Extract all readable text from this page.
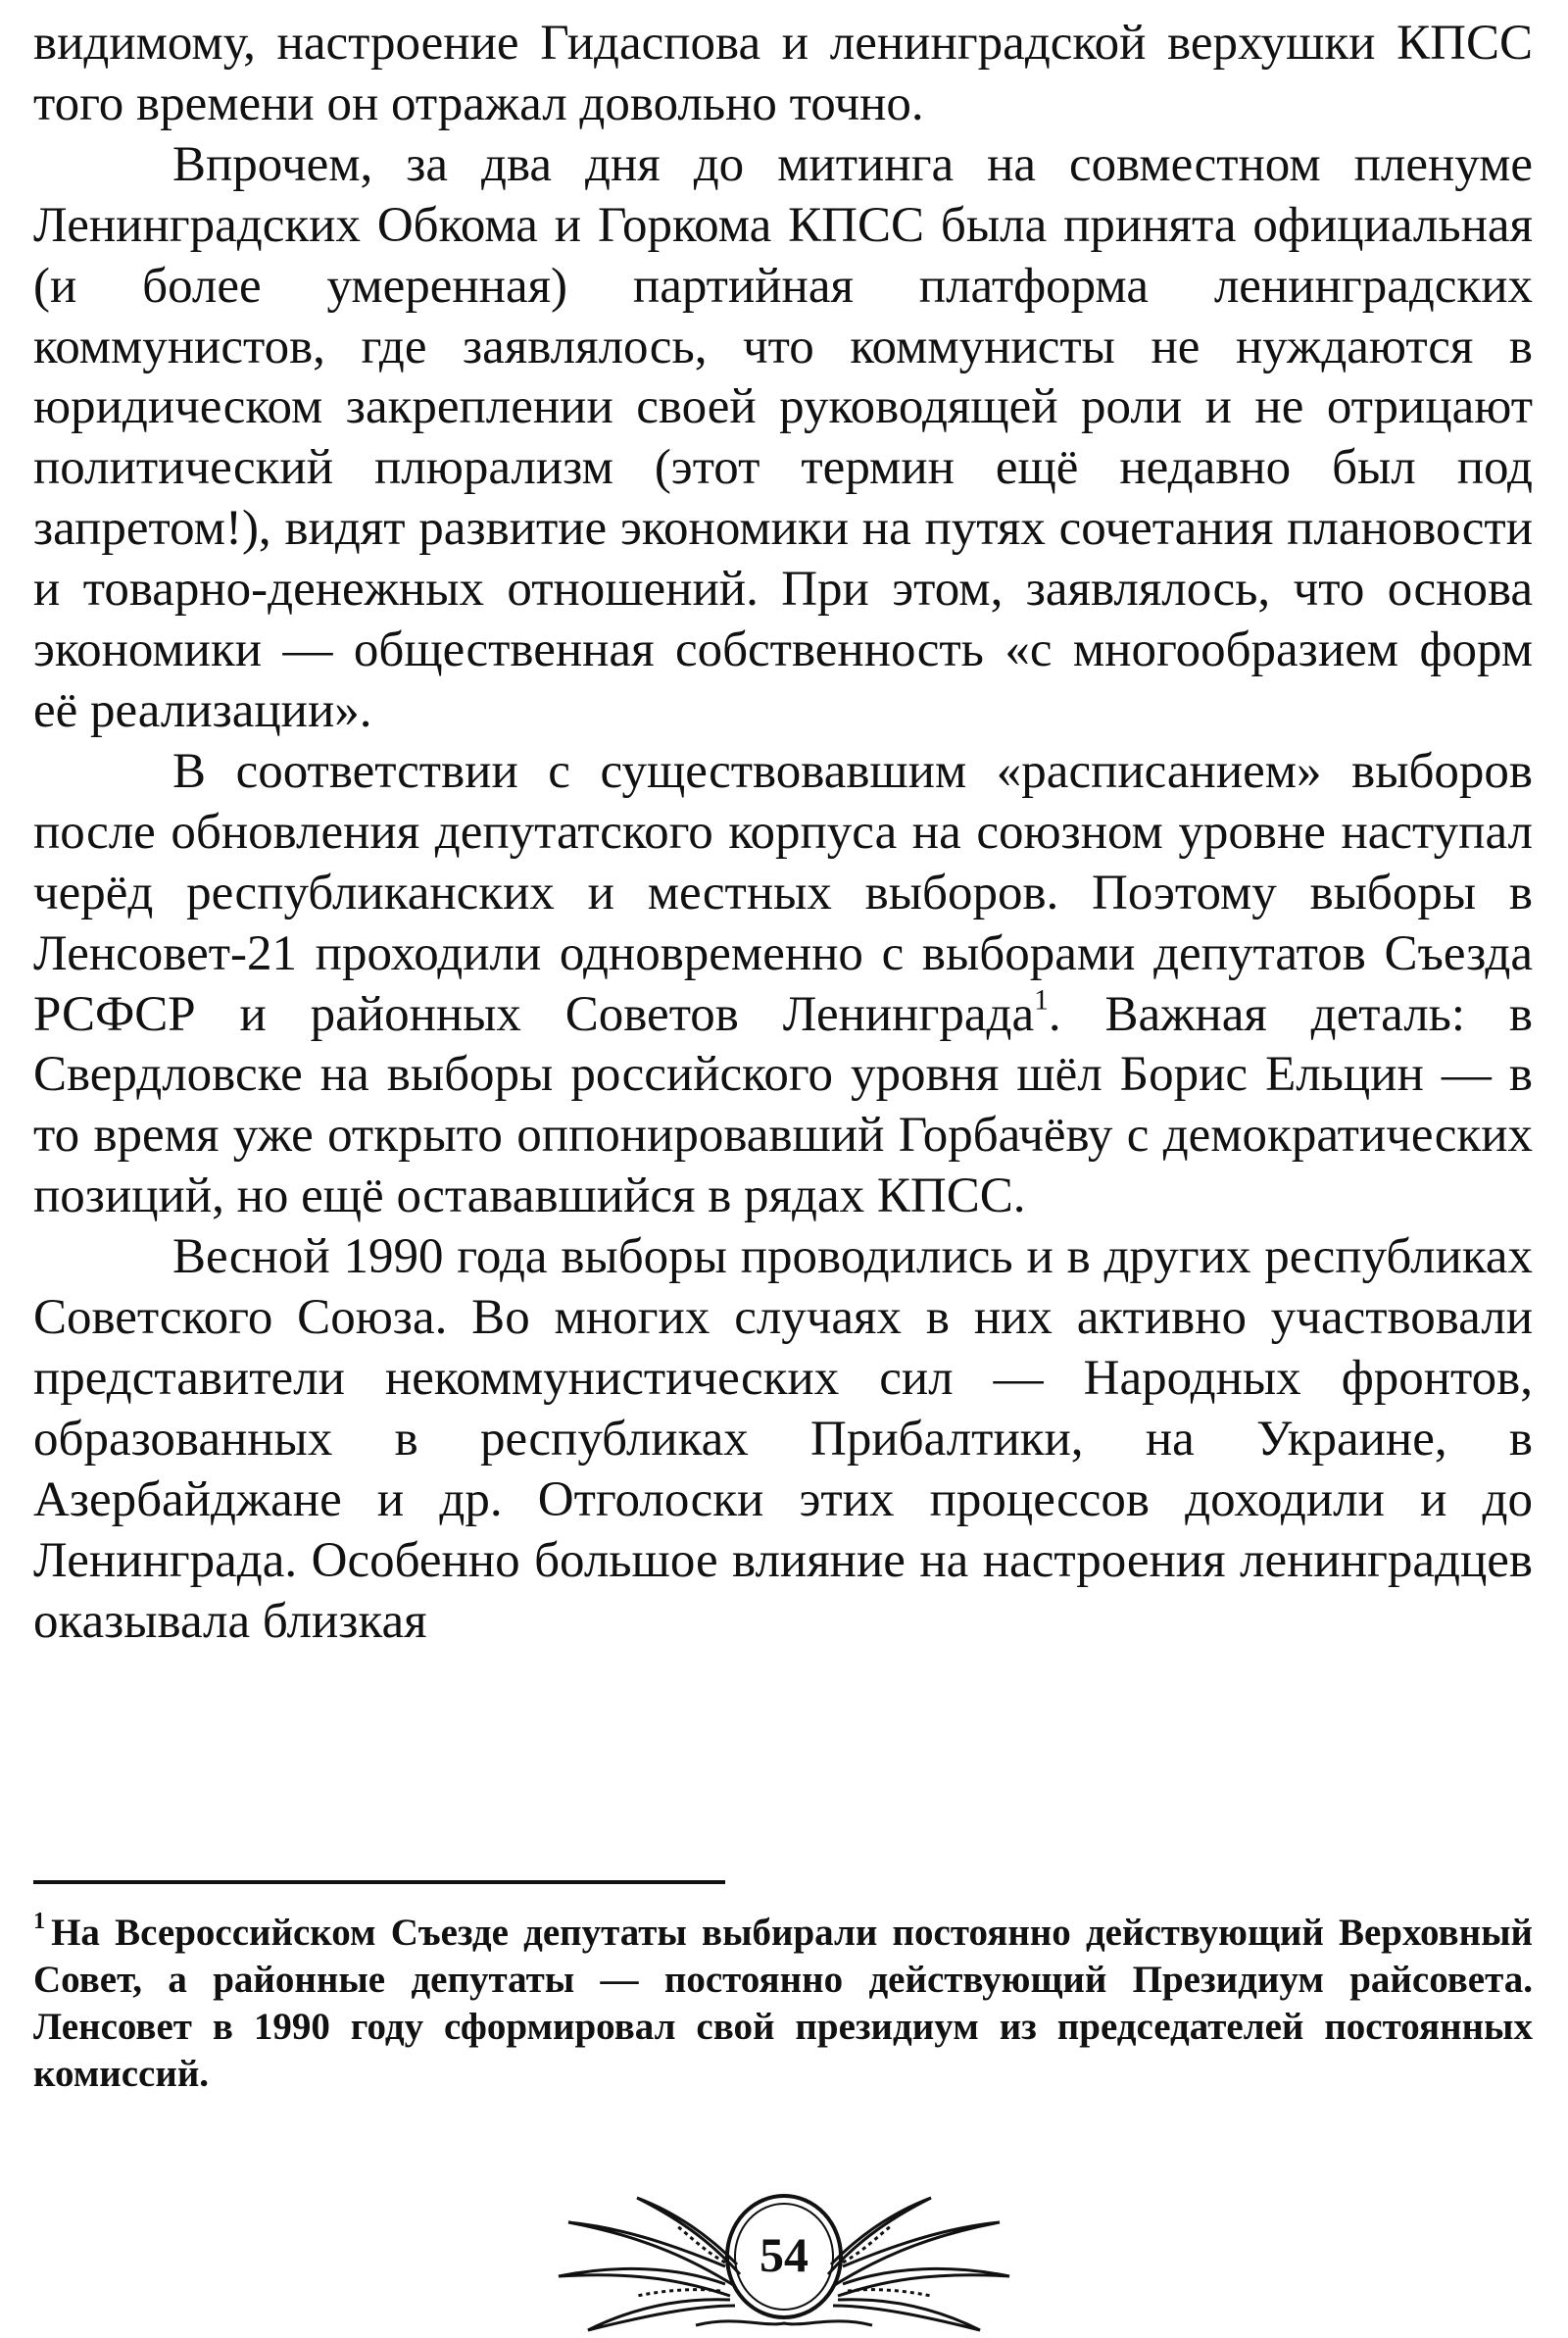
видимому, настроение Гидаспова и ленинградской верхушки КПСС того времени он отражал довольно точно.

Впрочем, за два дня до митинга на совместном пленуме Ленинградских Обкома и Горкома КПСС была принята официальная (и более умеренная) партийная платформа ленинградских коммунистов, где заявлялось, что коммунисты не нуждаются в юридическом закреплении своей руководящей роли и не отрицают политический плюрализм (этот термин ещё недавно был под запретом!), видят развитие экономики на путях сочетания плановости и товарно-денежных отношений. При этом, заявлялось, что основа экономики — общественная собственность «с многообразием форм её реализации».

В соответствии с существовавшим «расписанием» выборов после обновления депутатского корпуса на союзном уровне наступал черёд республиканских и местных выборов. Поэтому выборы в Ленсовет-21 проходили одновременно с выборами депутатов Съезда РСФСР и районных Советов Ленинграда$^1$. Важная деталь: в Свердловске на выборы российского уровня шёл Борис Ельцин — в то время уже открыто оппонировавший Горбачёву с демократических позиций, но ещё остававшийся в рядах КПСС.

Весной 1990 года выборы проводились и в других республиках Советского Союза. Во многих случаях в них активно участвовали представители некоммунистических сил — Народных фронтов, образованных в республиках Прибалтики, на Украине, в Азербайджане и др. Отголоски этих процессов доходили и до Ленинграда. Особенно большое влияние на настроения ленинградцев оказывала близкая

$^1$ На Всероссийском Съезде депутаты выбирали постоянно действующий Верховный Совет, а районные депутаты — постоянно действующий Президиум райсовета. Ленсовет в 1990 году сформировал свой президиум из председателей постоянных комиссий.

54
